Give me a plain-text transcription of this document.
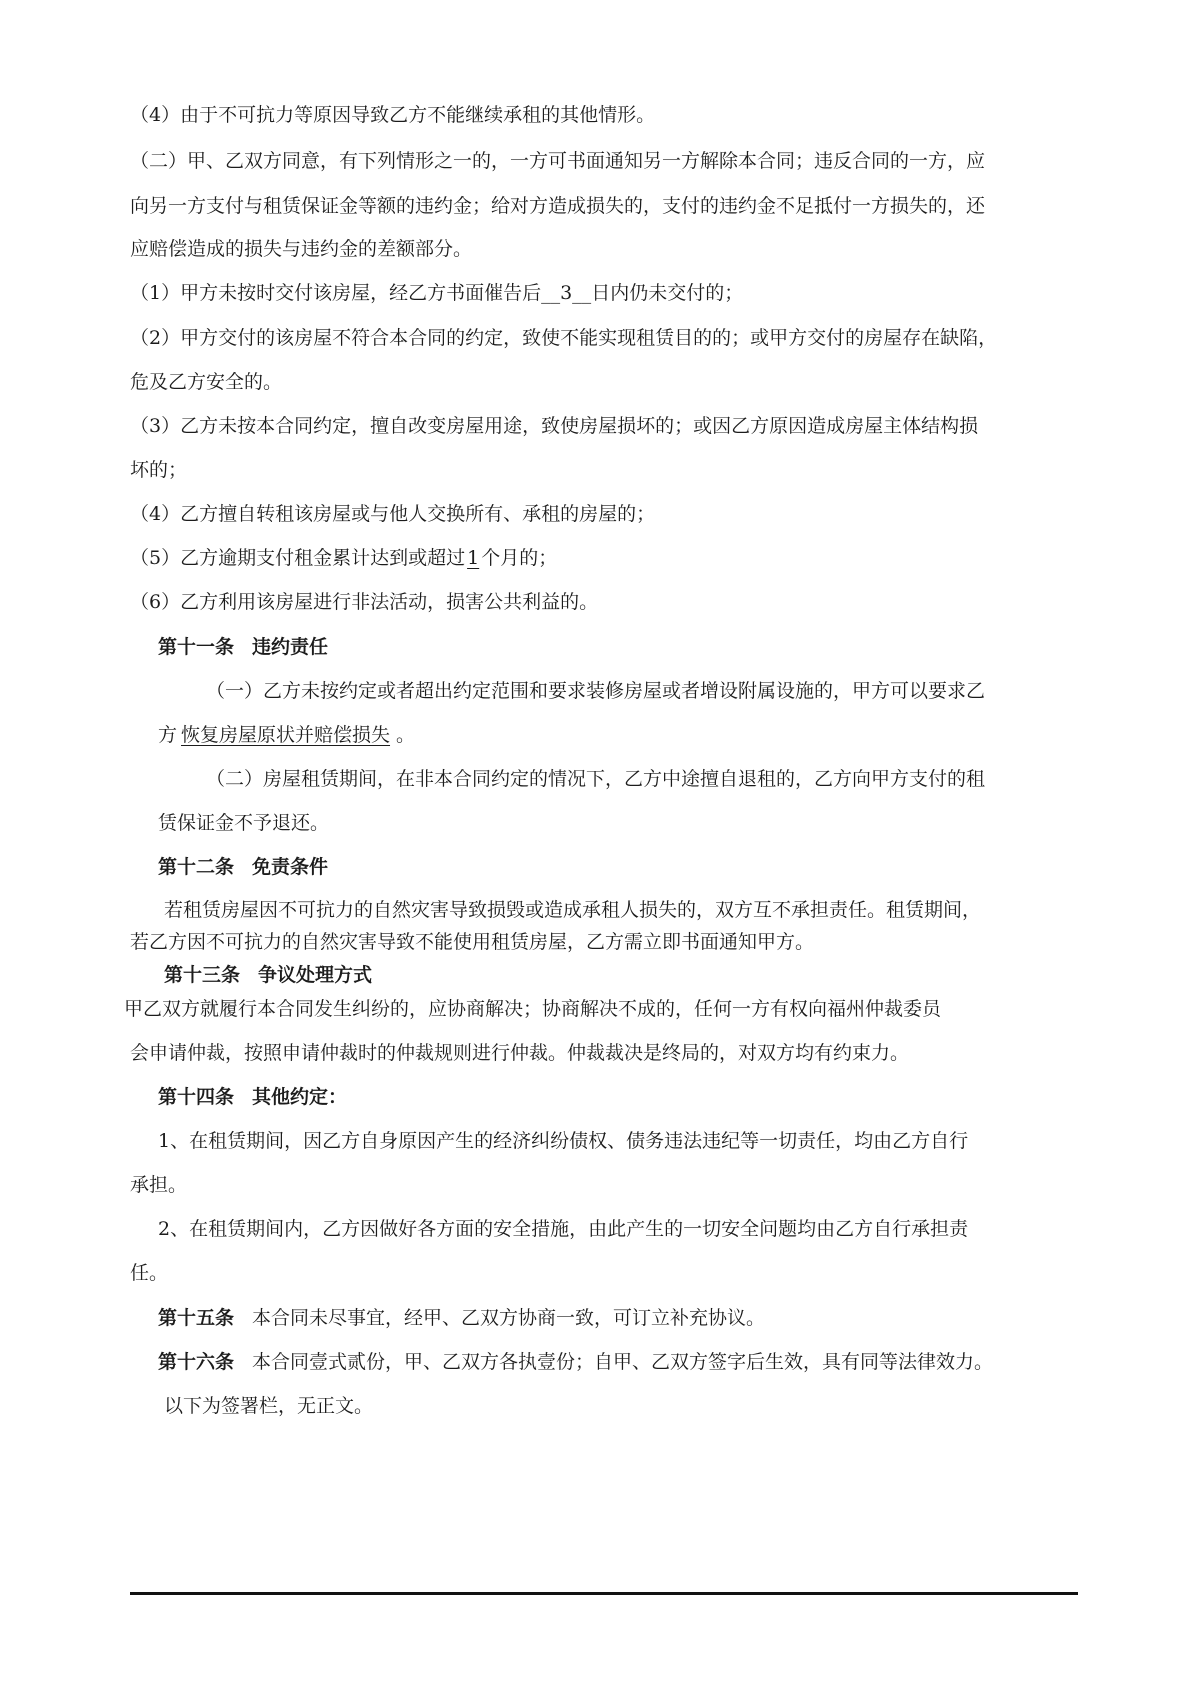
（4）由于不可抗力等原因导致乙方不能继续承租的其他情形。
（二）甲、乙双方同意，有下列情形之一的，一方可书面通知另一方解除本合同；违反合同的一方，应
向另一方支付与租赁保证金等额的违约金；给对方造成损失的，支付的违约金不足抵付一方损失的，还
应赔偿造成的损失与违约金的差额部分。
（1）甲方未按时交付该房屋，经乙方书面催告后__3__日内仍未交付的；
（2）甲方交付的该房屋不符合本合同的约定，致使不能实现租赁目的的；或甲方交付的房屋存在缺陷，
危及乙方安全的。
（3）乙方未按本合同约定，擅自改变房屋用途，致使房屋损坏的；或因乙方原因造成房屋主体结构损
坏的；
（4）乙方擅自转租该房屋或与他人交换所有、承租的房屋的；
（5）乙方逾期支付租金累计达到或超过 1 个月的；
（6）乙方利用该房屋进行非法活动，损害公共利益的。
第十一条 违约责任
（一）乙方未按约定或者超出约定范围和要求装修房屋或者增设附属设施的，甲方可以要求乙
方 恢复房屋原状并赔偿损失 。
（二）房屋租赁期间，在非本合同约定的情况下，乙方中途擅自退租的，乙方向甲方支付的租
赁保证金不予退还。
第十二条 免责条件
若租赁房屋因不可抗力的自然灾害导致损毁或造成承租人损失的，双方互不承担责任。租赁期间，
若乙方因不可抗力的自然灾害导致不能使用租赁房屋，乙方需立即书面通知甲方。
第十三条 争议处理方式
甲乙双方就履行本合同发生纠纷的，应协商解决；协商解决不成的，任何一方有权向福州仲裁委员
会申请仲裁，按照申请仲裁时的仲裁规则进行仲裁。仲裁裁决是终局的，对双方均有约束力。
第十四条 其他约定：
1、在租赁期间，因乙方自身原因产生的经济纠纷债权、债务违法违纪等一切责任，均由乙方自行
承担。
2、在租赁期间内，乙方因做好各方面的安全措施，由此产生的一切安全问题均由乙方自行承担责
任。
第十五条 本合同未尽事宜，经甲、乙双方协商一致，可订立补充协议。
第十六条 本合同壹式贰份，甲、乙双方各执壹份；自甲、乙双方签字后生效，具有同等法律效力。
以下为签署栏，无正文。
